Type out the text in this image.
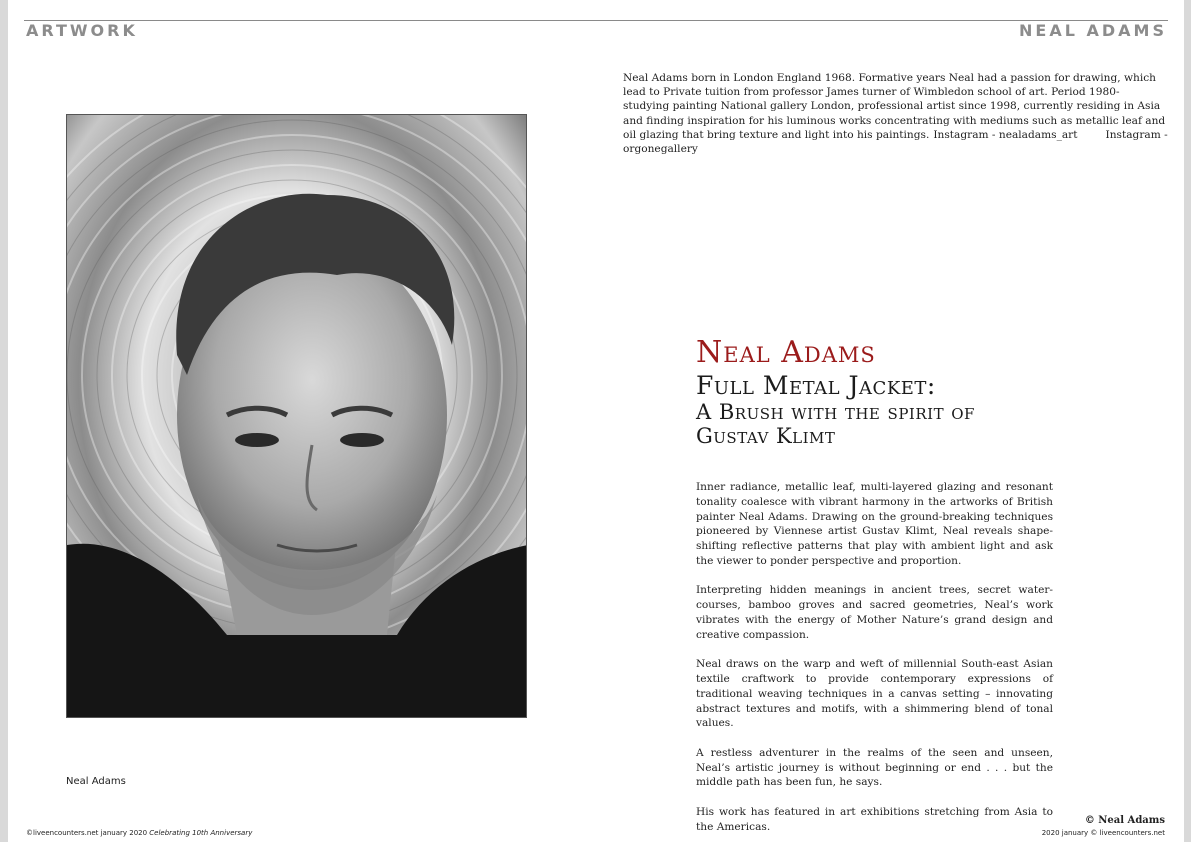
ARTWORK	NEAL ADAMS
Neal Adams born in London England 1968. Formative years Neal had a passion for drawing, which lead to Private tuition from professor James turner of Wimbledon school of art. Period 1980- studying painting National gallery London, professional artist since 1998, currently residing in Asia and finding inspiration for his luminous works concentrating with mediums such as metallic leaf and oil glazing that bring texture and light into his paintings. Instagram - nealadams_art	Instagram - orgonegallery
Neal Adams
Neal Adams
Full Metal Jacket:
A Brush with the spirit of
Gustav Klimt

Inner radiance, metallic leaf, multi-layered glazing and resonant tonality coalesce with vibrant harmony in the artworks of British painter Neal Adams. Drawing on the ground-breaking techniques pioneered by Viennese artist Gustav Klimt, Neal reveals shape-shifting reflective patterns that play with ambient light and ask the viewer to ponder perspective and proportion.

Interpreting hidden meanings in ancient trees, secret water-courses, bamboo groves and sacred geometries, Neal’s work vibrates with the energy of Mother Nature’s grand design and creative compassion.

Neal draws on the warp and weft of millennial South-east Asian textile craftwork to provide contemporary expressions of traditional weaving techniques in a canvas setting – innovating abstract textures and motifs, with a shimmering blend of tonal values.

A restless adventurer in the realms of the seen and unseen, Neal’s artistic journey is without beginning or end . . . but the middle path has been fun, he says.

His work has featured in art exhibitions stretching from Asia to the Americas.

© Neal Adams
©liveencounters.net january 2020 Celebrating 10th Anniversary	2020 january © liveencounters.net
